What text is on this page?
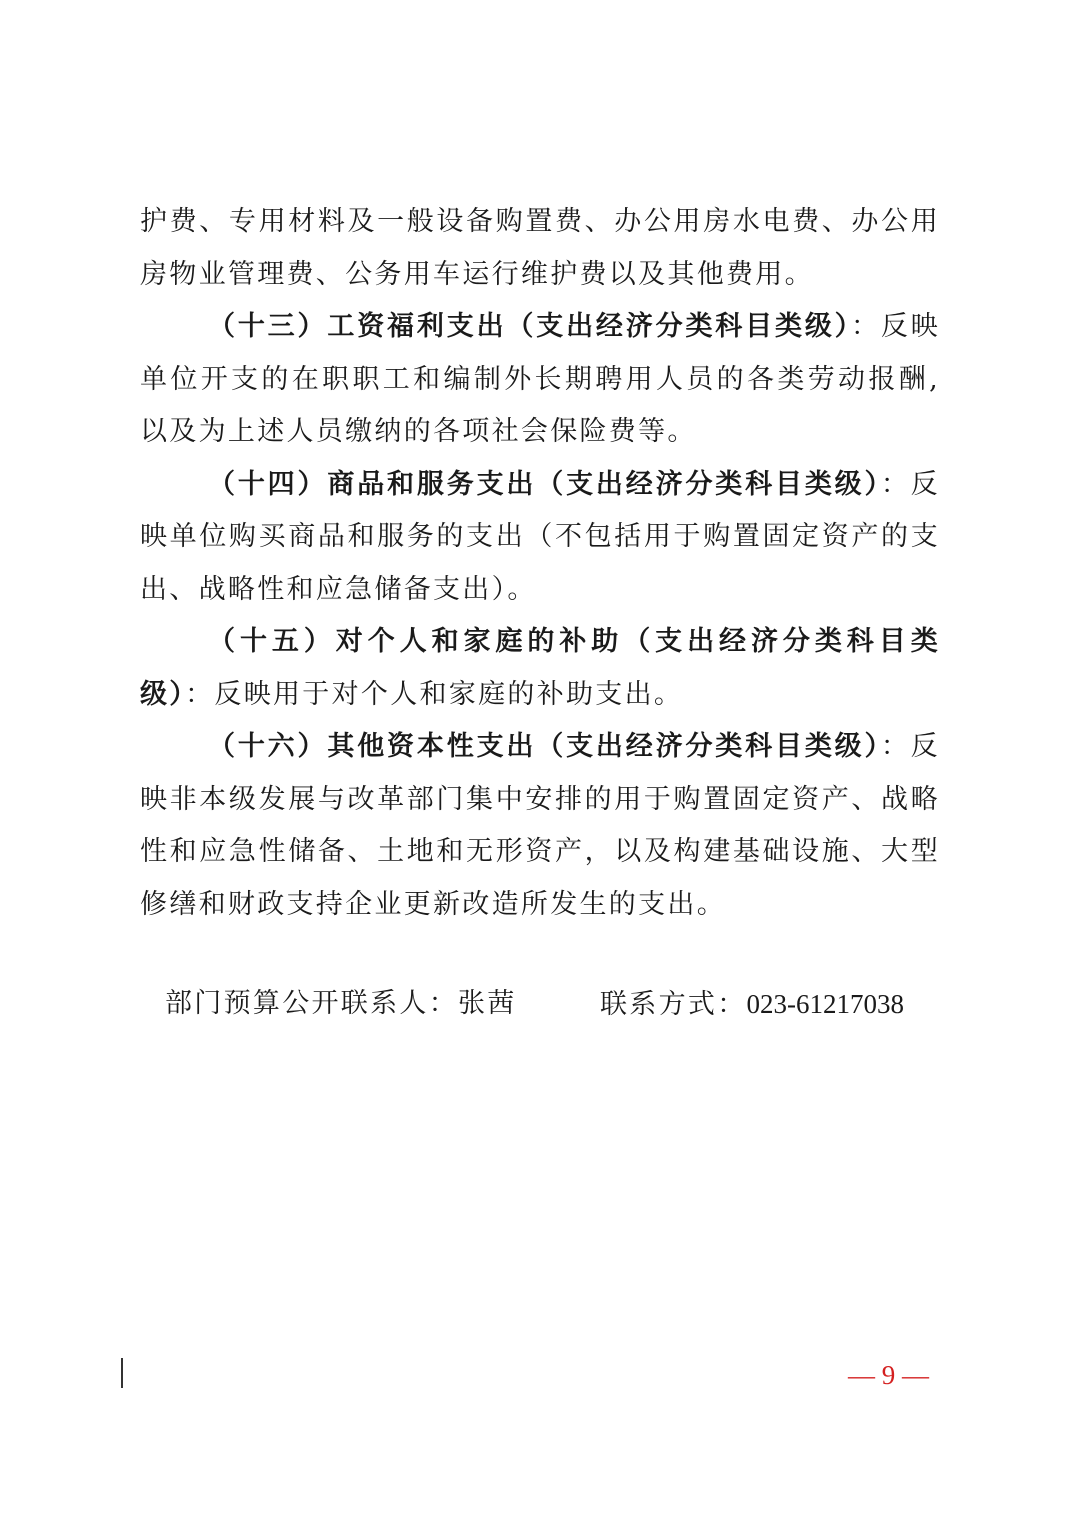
护费、专用材料及一般设备购置费、办公用房水电费、办公用房物业管理费、公务用车运行维护费以及其他费用。

（十三）工资福利支出（支出经济分类科目类级）：反映单位开支的在职职工和编制外长期聘用人员的各类劳动报酬,以及为上述人员缴纳的各项社会保险费等。

（十四）商品和服务支出（支出经济分类科目类级）：反映单位购买商品和服务的支出（不包括用于购置固定资产的支出、战略性和应急储备支出）。

（十五）对个人和家庭的补助（支出经济分类科目类级）：反映用于对个人和家庭的补助支出。

（十六）其他资本性支出（支出经济分类科目类级）：反映非本级发展与改革部门集中安排的用于购置固定资产、战略性和应急性储备、土地和无形资产，以及构建基础设施、大型修缮和财政支持企业更新改造所发生的支出。

部门预算公开联系人：张茜	联系方式：023-61217038
— 9 —
